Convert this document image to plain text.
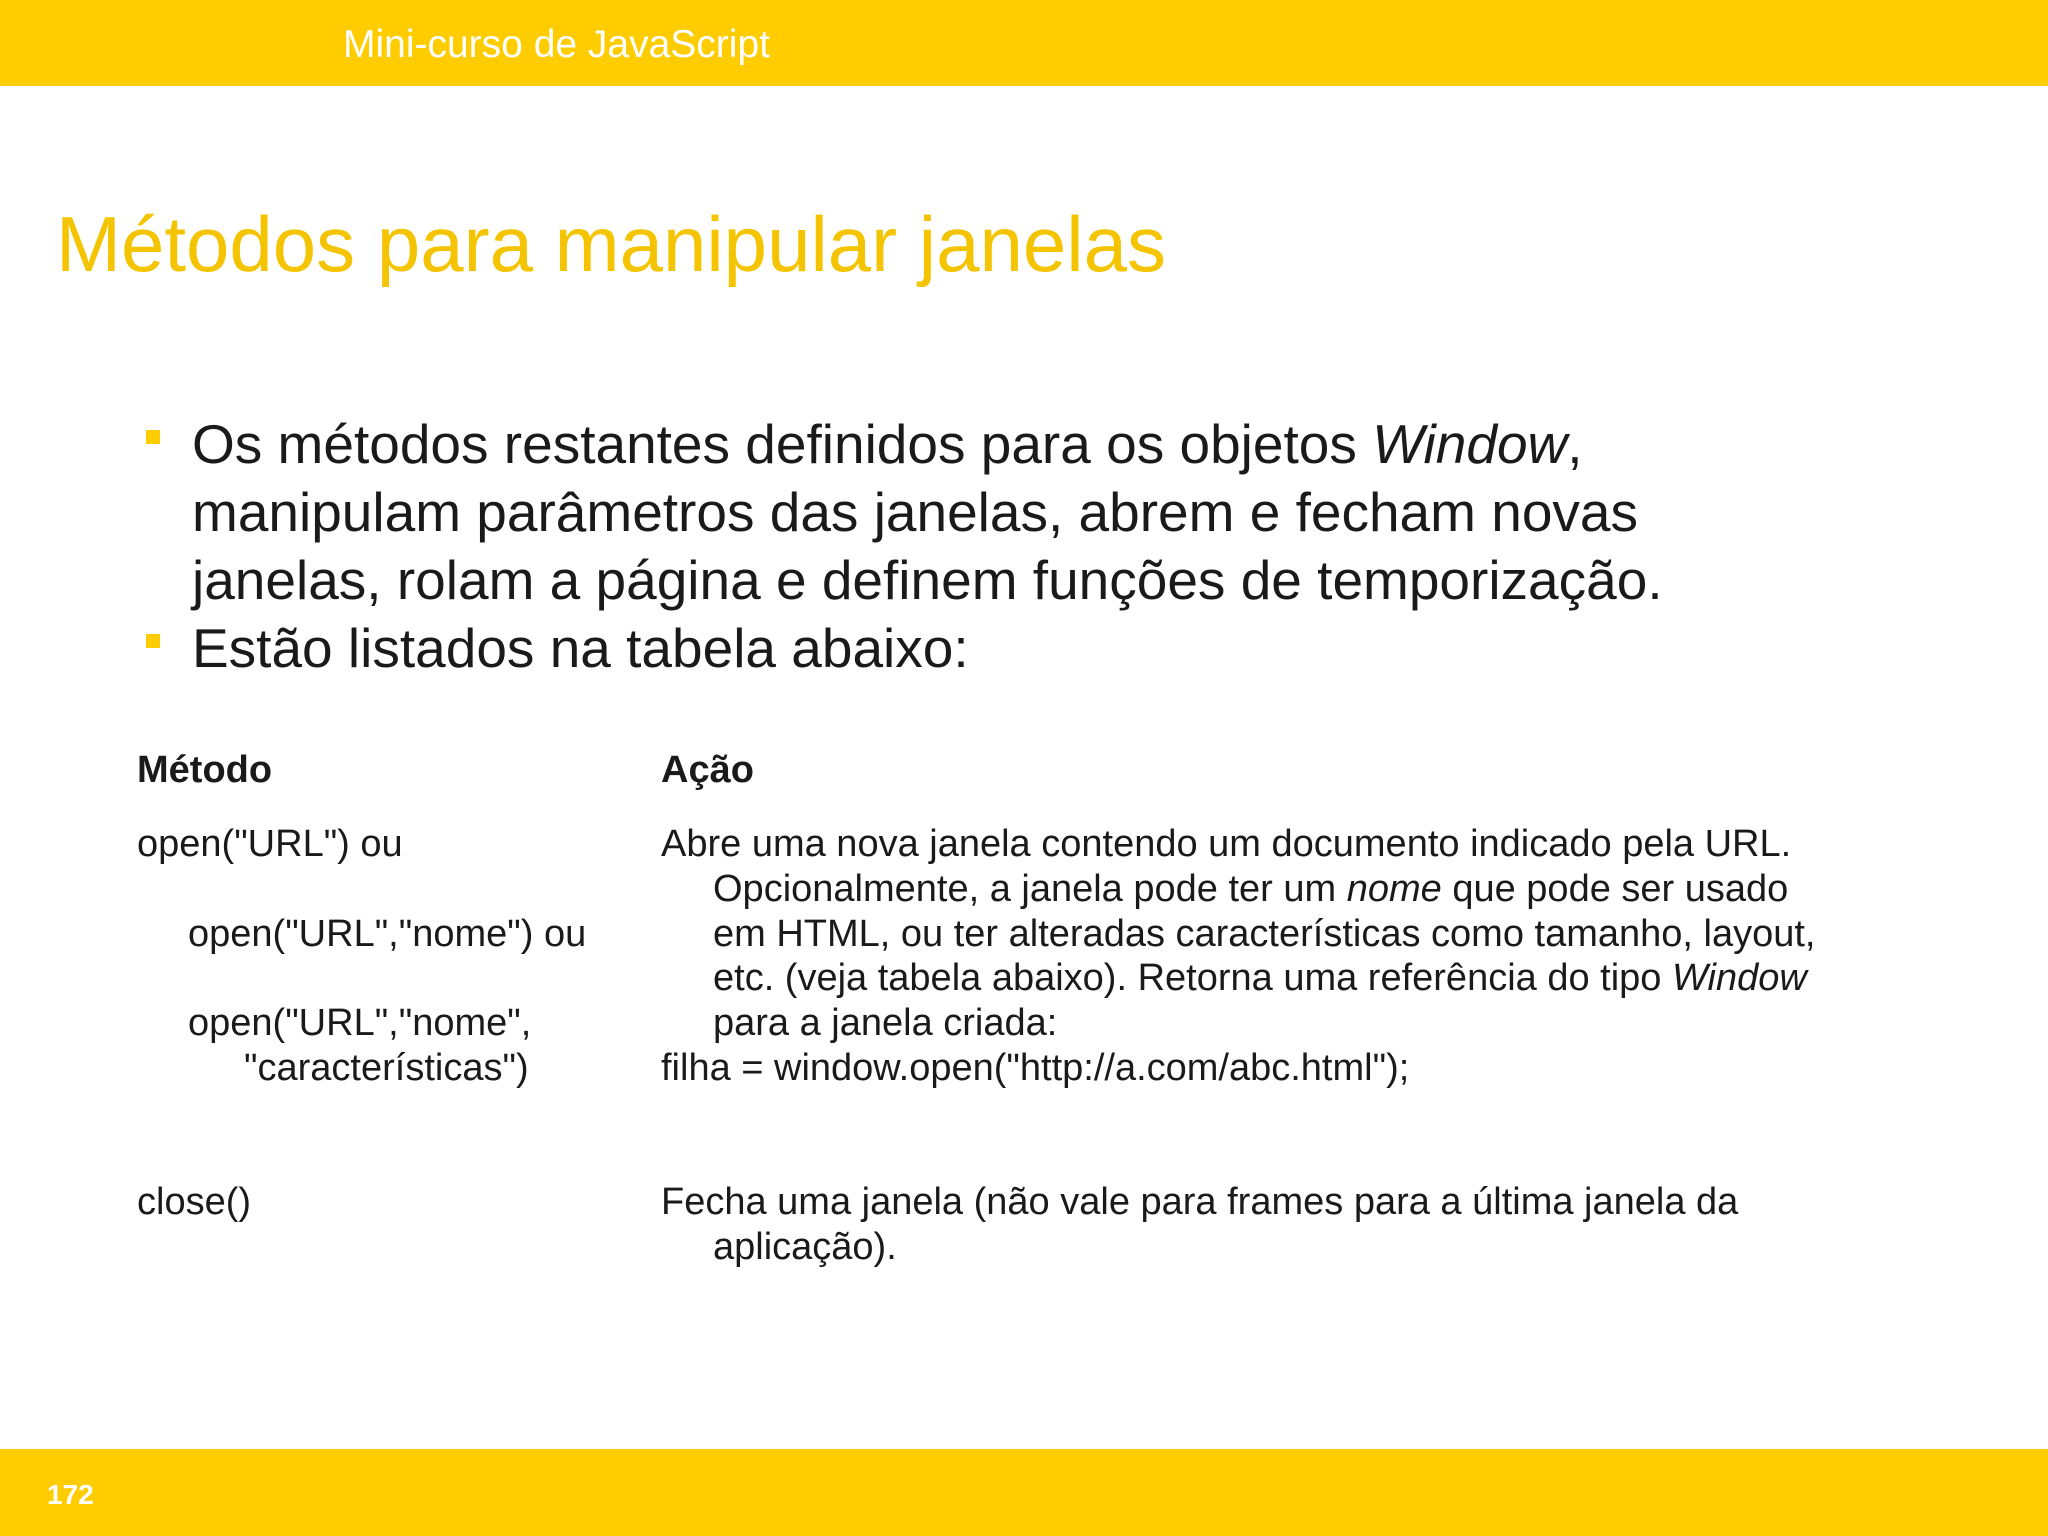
Mini-curso de JavaScript
Métodos para manipular janelas
Os métodos restantes definidos para os objetos Window,
manipulam parâmetros das janelas, abrem e fecham novas
janelas, rolam a página e definem funções de temporização.
Estão listados na tabela abaixo:
Método	Ação
open("URL") ou
open("URL","nome") ou
open("URL","nome",
"características")
Abre uma nova janela contendo um documento indicado pela URL.
Opcionalmente, a janela pode ter um nome que pode ser usado
em HTML, ou ter alteradas características como tamanho, layout,
etc. (veja tabela abaixo). Retorna uma referência do tipo Window
para a janela criada:
filha = window.open("http://a.com/abc.html");
close()	Fecha uma janela (não vale para frames para a última janela da
aplicação).
172
